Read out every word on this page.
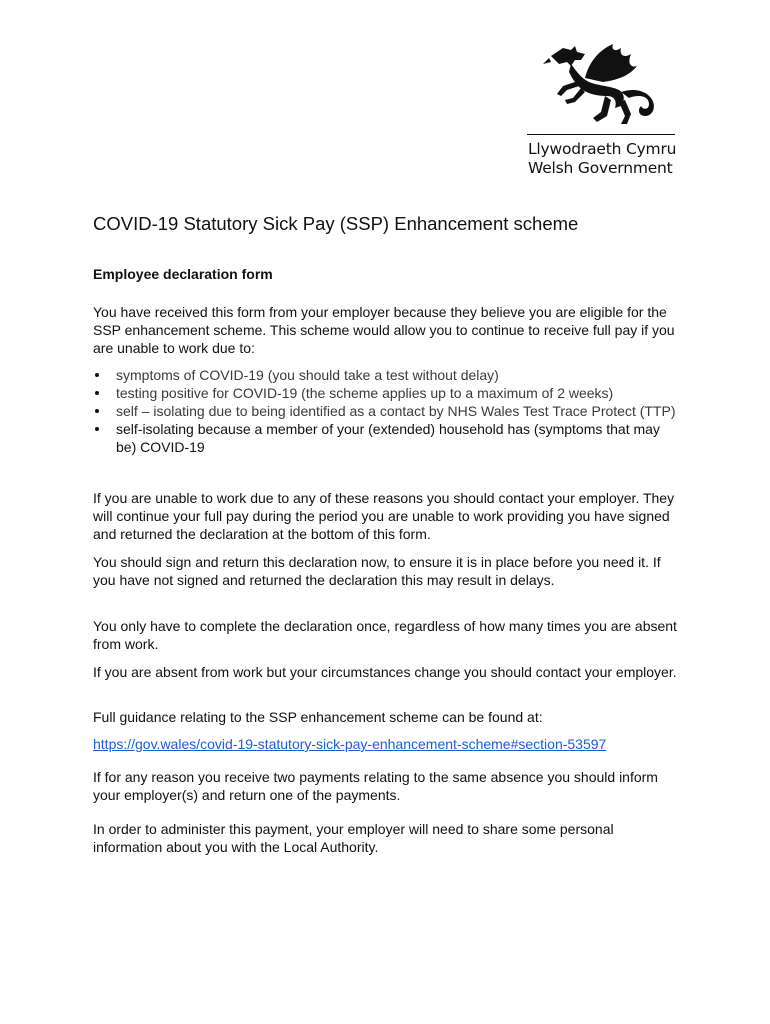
Llywodraeth Cymru
Welsh Government
COVID-19 Statutory Sick Pay (SSP) Enhancement scheme
Employee declaration form

You have received this form from your employer because they believe you are eligible for the SSP enhancement scheme. This scheme would allow you to continue to receive full pay if you are unable to work due to:

symptoms of COVID-19 (you should take a test without delay)
testing positive for COVID-19 (the scheme applies up to a maximum of 2 weeks)
self – isolating due to being identified as a contact by NHS Wales Test Trace Protect (TTP)
self-isolating because a member of your (extended) household has (symptoms that may be) COVID-19

If you are unable to work due to any of these reasons you should contact your employer. They will continue your full pay during the period you are unable to work providing you have signed and returned the declaration at the bottom of this form.

You should sign and return this declaration now, to ensure it is in place before you need it. If you have not signed and returned the declaration this may result in delays.

You only have to complete the declaration once, regardless of how many times you are absent from work.

If you are absent from work but your circumstances change you should contact your employer.

Full guidance relating to the SSP enhancement scheme can be found at:

https://gov.wales/covid-19-statutory-sick-pay-enhancement-scheme#section-53597

If for any reason you receive two payments relating to the same absence you should inform your employer(s) and return one of the payments.

In order to administer this payment, your employer will need to share some personal information about you with the Local Authority.
